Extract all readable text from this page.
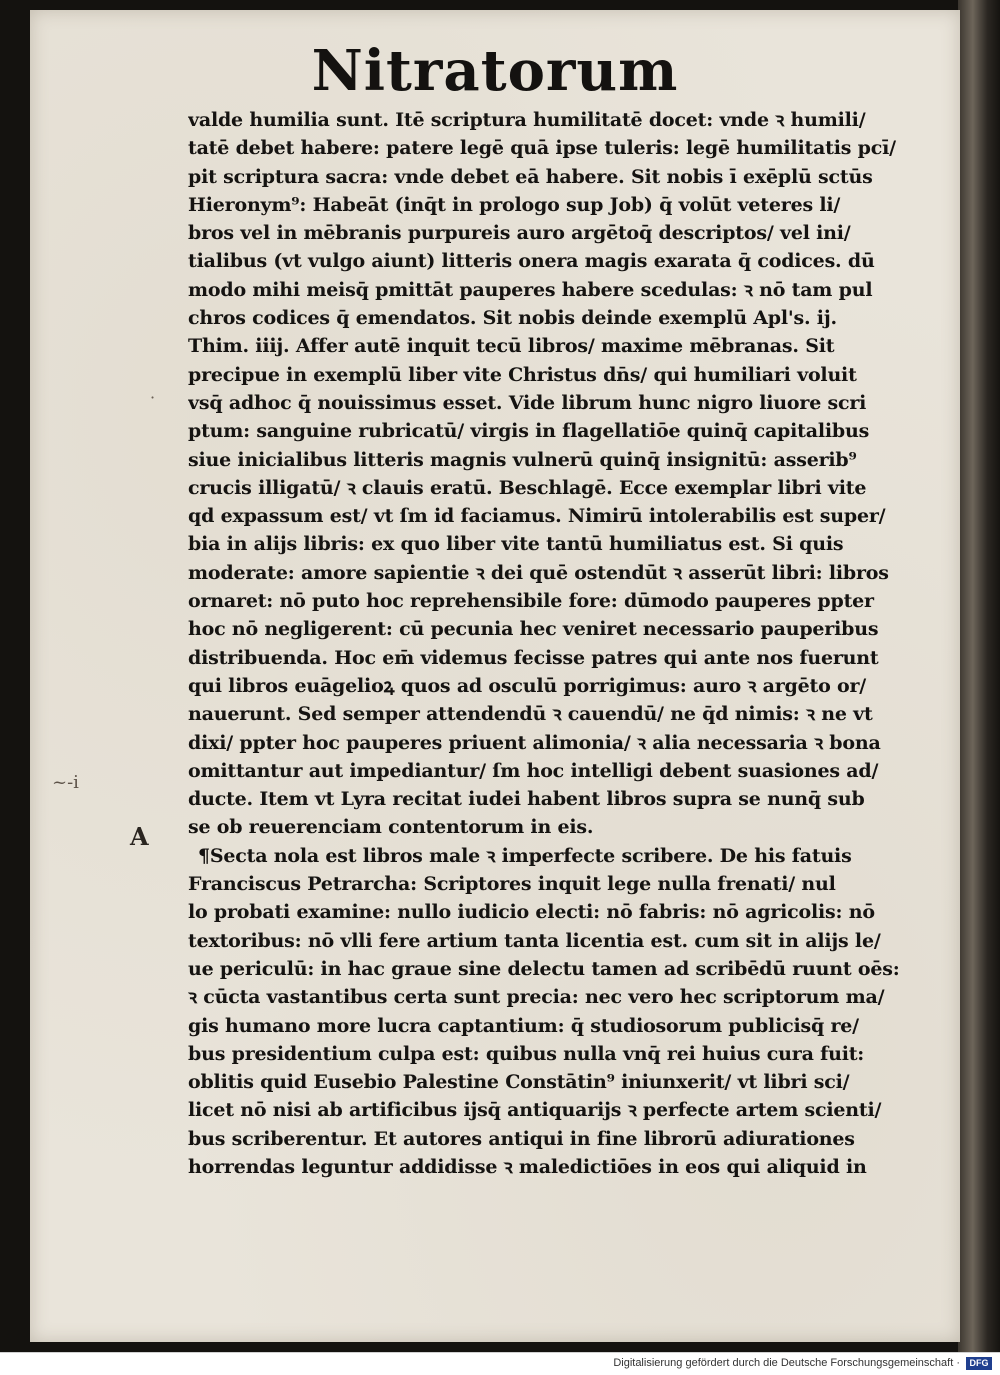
Nitratorum
valde humilia sunt. Itē scriptura humilitatē docet: vnde ꝛ humili/
tatē debet habere: patere legē quā ipse tuleris: legē humilitatis pcī/
pit scriptura sacra: vnde debet eā habere. Sit nobis ī exēplū sctūs
Hieronym⁹: Habeāt (inq̄t in prologo sup Job) q̄ volūt veteres li/
bros vel in mēbranis purpureis auro argētoq̄ descriptos/ vel ini/
tialibus (vt vulgo aiunt) litteris onera magis exarata q̄ codices. dū
modo mihi meisq̄ pmittāt pauperes habere scedulas: ꝛ nō tam pul
chros codices q̄ emendatos. Sit nobis deinde exemplū Apl's. ij.
Thim. iiij. Affer autē inquit tecū libros/ maxime mēbranas. Sit
precipue in exemplū liber vite Christus dn̄s/ qui humiliari voluit
vsq̄ adhoc q̄ nouissimus esset. Vide librum hunc nigro liuore scri
ptum: sanguine rubricatū/ virgis in flagellatiōe quinq̄ capitalibus
siue inicialibus litteris magnis vulnerū quinq̄ insignitū: asserib⁹
crucis illigatū/ ꝛ clauis eratū. Beschlagē. Ecce exemplar libri vite
qd expassum est/ vt ſm id faciamus. Nimirū intolerabilis est super/
bia in alijs libris: ex quo liber vite tantū humiliatus est. Si quis
moderate: amore sapientie ꝛ dei quē ostendūt ꝛ asserūt libri: libros
ornaret: nō puto hoc reprehensibile fore: dūmodo pauperes ppter
hoc nō negligerent: cū pecunia hec veniret necessario pauperibus
distribuenda. Hoc em̄ videmus fecisse patres qui ante nos fuerunt
qui libros euāgelioꝝ quos ad osculū porrigimus: auro ꝛ argēto or/
nauerunt. Sed semper attendendū ꝛ cauendū/ ne q̄d nimis: ꝛ ne vt
dixi/ ppter hoc pauperes priuent alimonia/ ꝛ alia necessaria ꝛ bona
omittantur aut impediantur/ ſm hoc intelligi debent suasiones ad/
ducte. Item vt Lyra recitat iudei habent libros supra se nunq̄ sub
se ob reuerenciam contentorum in eis.
¶Secta nola est libros male ꝛ imperfecte scribere. De his fatuis
Franciscus Petrarcha: Scriptores inquit lege nulla frenati/ nul
lo probati examine: nullo iudicio electi: nō fabris: nō agricolis: nō
textoribus: nō vlli fere artium tanta licentia est. cum sit in alijs le/
ue periculū: in hac graue sine delectu tamen ad scribēdū ruunt oēs:
ꝛ cūcta vastantibus certa sunt precia: nec vero hec scriptorum ma/
gis humano more lucra captantium: q̄ studiosorum publicisq̄ re/
bus presidentium culpa est: quibus nulla vnq̄ rei huius cura fuit:
oblitis quid Eusebio Palestine Constātin⁹ iniunxerit/ vt libri sci/
licet nō nisi ab artificibus ijsq̄ antiquarijs ꝛ perfecte artem scienti/
bus scriberentur. Et autores antiqui in fine librorū adiurationes
horrendas leguntur addidisse ꝛ maledictiōes in eos qui aliquid in
A
~-i
·
Digitalisierung gefördert durch die Deutsche Forschungsgemeinschaft ·	DFG
